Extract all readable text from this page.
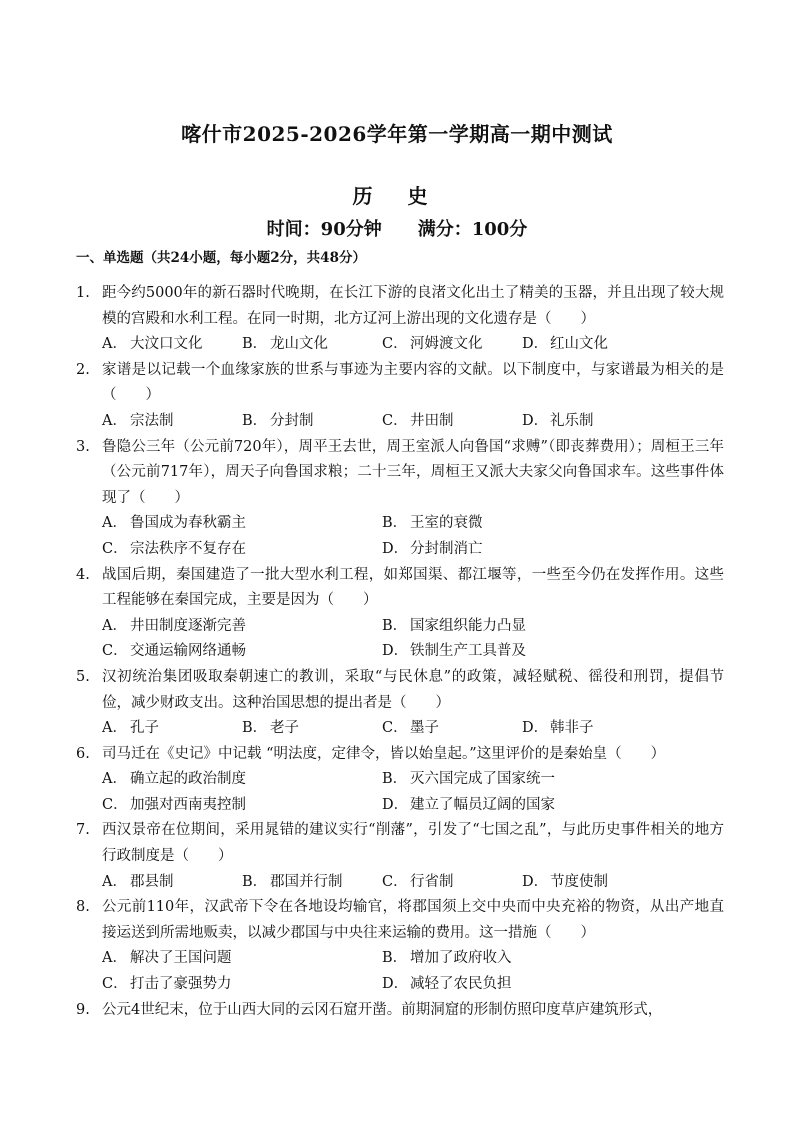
喀什市2025-2026学年第一学期高一期中测试
历 史
时间：90分钟 满分：100分
一、单选题（共24小题，每小题2分，共48分）
1. 距今约5000年的新石器时代晚期，在长江下游的良渚文化出土了精美的玉器，并且出现了较大规模的宫殿和水利工程。在同一时期，北方辽河上游出现的文化遗存是（　　）
A． 大汶口文化	B． 龙山文化	C． 河姆渡文化	D． 红山文化
2. 家谱是以记载一个血缘家族的世系与事迹为主要内容的文献。以下制度中，与家谱最为相关的是（　　）
A． 宗法制	B． 分封制	C． 井田制	D． 礼乐制
3. 鲁隐公三年（公元前720年），周平王去世，周王室派人向鲁国“求赙”（即丧葬费用）；周桓王三年（公元前717年），周天子向鲁国求粮；二十三年，周桓王又派大夫家父向鲁国求车。这些事件体现了（　　）
A． 鲁国成为春秋霸主	B． 王室的衰微
C． 宗法秩序不复存在	D． 分封制消亡
4. 战国后期，秦国建造了一批大型水利工程，如郑国渠、都江堰等，一些至今仍在发挥作用。这些工程能够在秦国完成，主要是因为（　　）
A． 井田制度逐渐完善	B． 国家组织能力凸显
C． 交通运输网络通畅	D． 铁制生产工具普及
5. 汉初统治集团吸取秦朝速亡的教训，采取“与民休息”的政策，减轻赋税、徭役和刑罚，提倡节俭，减少财政支出。这种治国思想的提出者是（　　）
A． 孔子	B． 老子	C． 墨子	D． 韩非子
6. 司马迁在《史记》中记载 “明法度，定律令，皆以始皇起。”这里评价的是秦始皇（　　）
A． 确立起的政治制度	B． 灭六国完成了国家统一
C． 加强对西南夷控制	D． 建立了幅员辽阔的国家
7. 西汉景帝在位期间，采用晁错的建议实行“削藩”，引发了“七国之乱”，与此历史事件相关的地方行政制度是（　　）
A． 郡县制	B． 郡国并行制	C． 行省制	D． 节度使制
8. 公元前110年，汉武帝下令在各地设均输官，将郡国须上交中央而中央充裕的物资，从出产地直接运送到所需地贩卖，以减少郡国与中央往来运输的费用。这一措施（　　）
A． 解决了王国问题	B． 增加了政府收入
C． 打击了豪强势力	D． 减轻了农民负担
9. 公元4世纪末，位于山西大同的云冈石窟开凿。前期洞窟的形制仿照印度草庐建筑形式，
